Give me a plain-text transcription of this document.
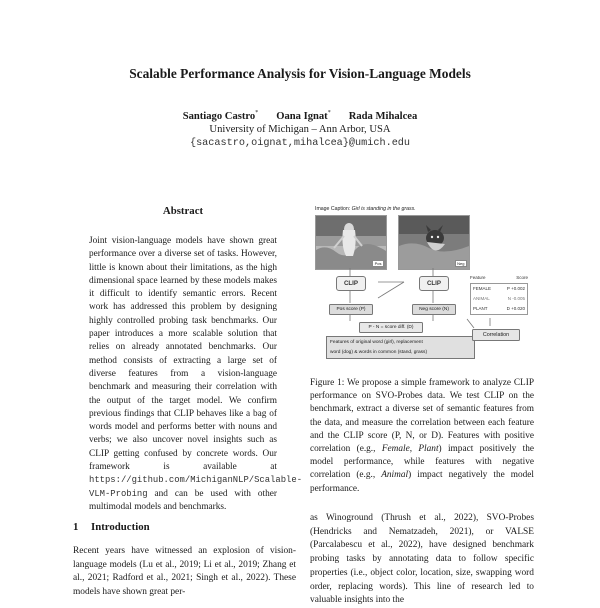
Scalable Performance Analysis for Vision-Language Models
Santiago Castro* Oana Ignat* Rada Mihalcea
University of Michigan – Ann Arbor, USA
{sacastro,oignat,mihalcea}@umich.edu
Abstract
Joint vision-language models have shown great performance over a diverse set of tasks. However, little is known about their limitations, as the high dimensional space learned by these models makes it difficult to identify semantic errors. Recent work has addressed this problem by designing highly controlled probing task benchmarks. Our paper introduces a more scalable solution that relies on already annotated benchmarks. Our method consists of extracting a large set of diverse features from a vision-language benchmark and measuring their correlation with the output of the target model. We confirm previous findings that CLIP behaves like a bag of words model and performs better with nouns and verbs; we also uncover novel insights such as CLIP getting confused by concrete words. Our framework is available at https://github.com/MichiganNLP/Scalable-VLM-Probing and can be used with other multimodal models and benchmarks.
1 Introduction
Recent years have witnessed an explosion of vision-language models (Lu et al., 2019; Li et al., 2019; Zhang et al., 2021; Radford et al., 2021; Singh et al., 2022). These models have shown great per-
Image Caption: Girl is standing in the grass.
Pos	Neg
CLIP	CLIP
Pos score (P)	Neg score (N)
P - N = score diff. (D)
Features of original word (girl), replacement
word (dog) & words in common (stand, grass)
Correlation
Feature	Score
FEMALE	P +0.002
ANIMAL	N -0.005
PLANT	D +0.020
Figure 1: We propose a simple framework to analyze CLIP performance on SVO-Probes data. We test CLIP on the benchmark, extract a diverse set of semantic features from the data, and measure the correlation between each feature and the CLIP score (P, N, or D). Features with positive correlation (e.g., Female, Plant) impact positively the model performance, while features with negative correlation (e.g., Animal) impact negatively the model performance.
as Winoground (Thrush et al., 2022), SVO-Probes (Hendricks and Nematzadeh, 2021), or VALSE (Parcalabescu et al., 2022), have designed benchmark probing tasks by annotating data to follow specific properties (i.e., object color, location, size, swapping word order, replacing words). This line of research led to valuable insights into the
